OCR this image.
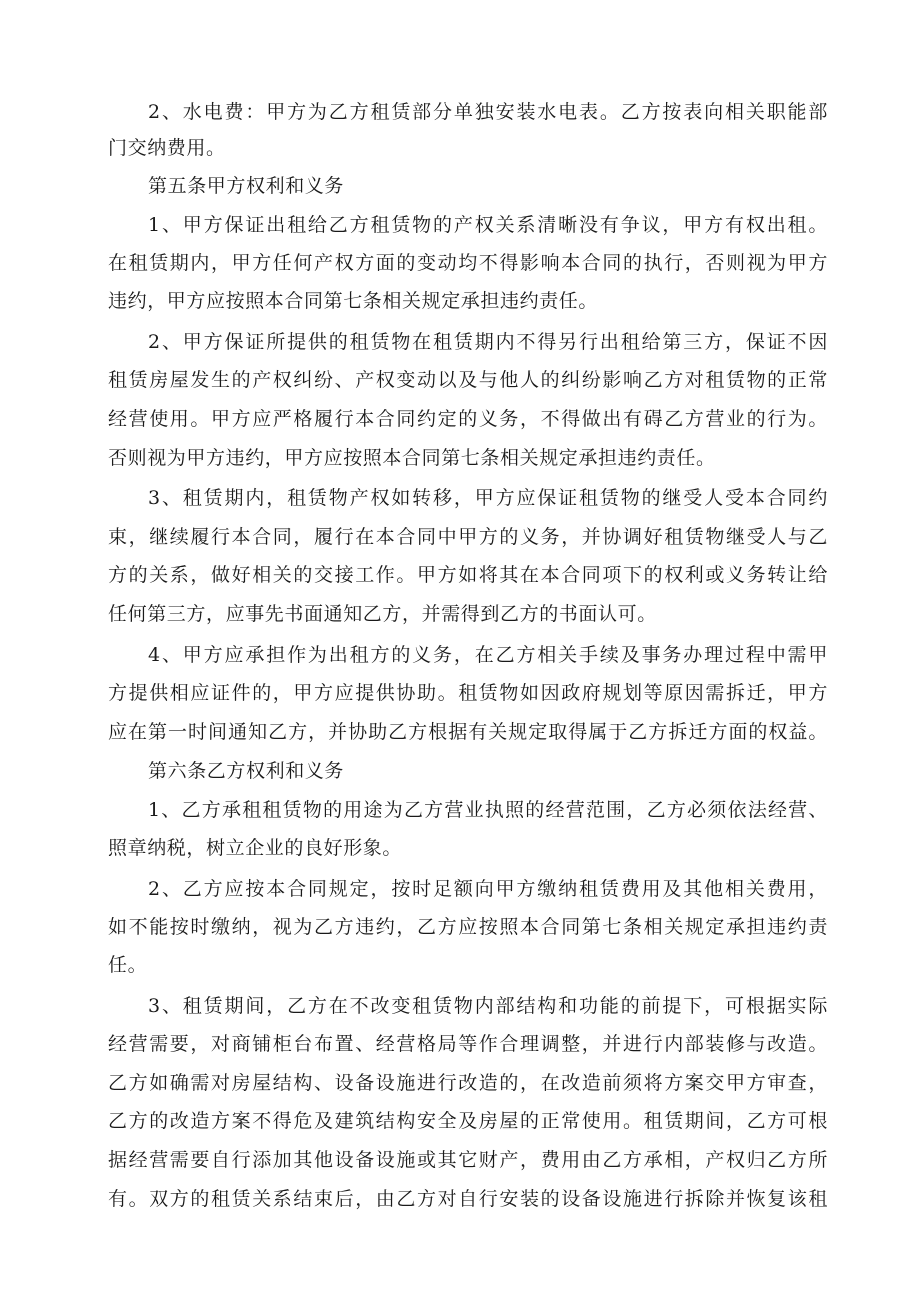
2、水电费：甲方为乙方租赁部分单独安装水电表。乙方按表向相关职能部
门交纳费用。
第五条甲方权利和义务
1、甲方保证出租给乙方租赁物的产权关系清晰没有争议，甲方有权出租。
在租赁期内，甲方任何产权方面的变动均不得影响本合同的执行，否则视为甲方
违约，甲方应按照本合同第七条相关规定承担违约责任。
2、甲方保证所提供的租赁物在租赁期内不得另行出租给第三方，保证不因
租赁房屋发生的产权纠纷、产权变动以及与他人的纠纷影响乙方对租赁物的正常
经营使用。甲方应严格履行本合同约定的义务，不得做出有碍乙方营业的行为。
否则视为甲方违约，甲方应按照本合同第七条相关规定承担违约责任。
3、租赁期内，租赁物产权如转移，甲方应保证租赁物的继受人受本合同约
束，继续履行本合同，履行在本合同中甲方的义务，并协调好租赁物继受人与乙
方的关系，做好相关的交接工作。甲方如将其在本合同项下的权利或义务转让给
任何第三方，应事先书面通知乙方，并需得到乙方的书面认可。
4、甲方应承担作为出租方的义务，在乙方相关手续及事务办理过程中需甲
方提供相应证件的，甲方应提供协助。租赁物如因政府规划等原因需拆迁，甲方
应在第一时间通知乙方，并协助乙方根据有关规定取得属于乙方拆迁方面的权益。
第六条乙方权利和义务
1、乙方承租租赁物的用途为乙方营业执照的经营范围，乙方必须依法经营、
照章纳税，树立企业的良好形象。
2、乙方应按本合同规定，按时足额向甲方缴纳租赁费用及其他相关费用，
如不能按时缴纳，视为乙方违约，乙方应按照本合同第七条相关规定承担违约责
任。
3、租赁期间，乙方在不改变租赁物内部结构和功能的前提下，可根据实际
经营需要，对商铺柜台布置、经营格局等作合理调整，并进行内部装修与改造。
乙方如确需对房屋结构、设备设施进行改造的，在改造前须将方案交甲方审查，
乙方的改造方案不得危及建筑结构安全及房屋的正常使用。租赁期间，乙方可根
据经营需要自行添加其他设备设施或其它财产，费用由乙方承相，产权归乙方所
有。双方的租赁关系结束后，由乙方对自行安装的设备设施进行拆除并恢复该租
